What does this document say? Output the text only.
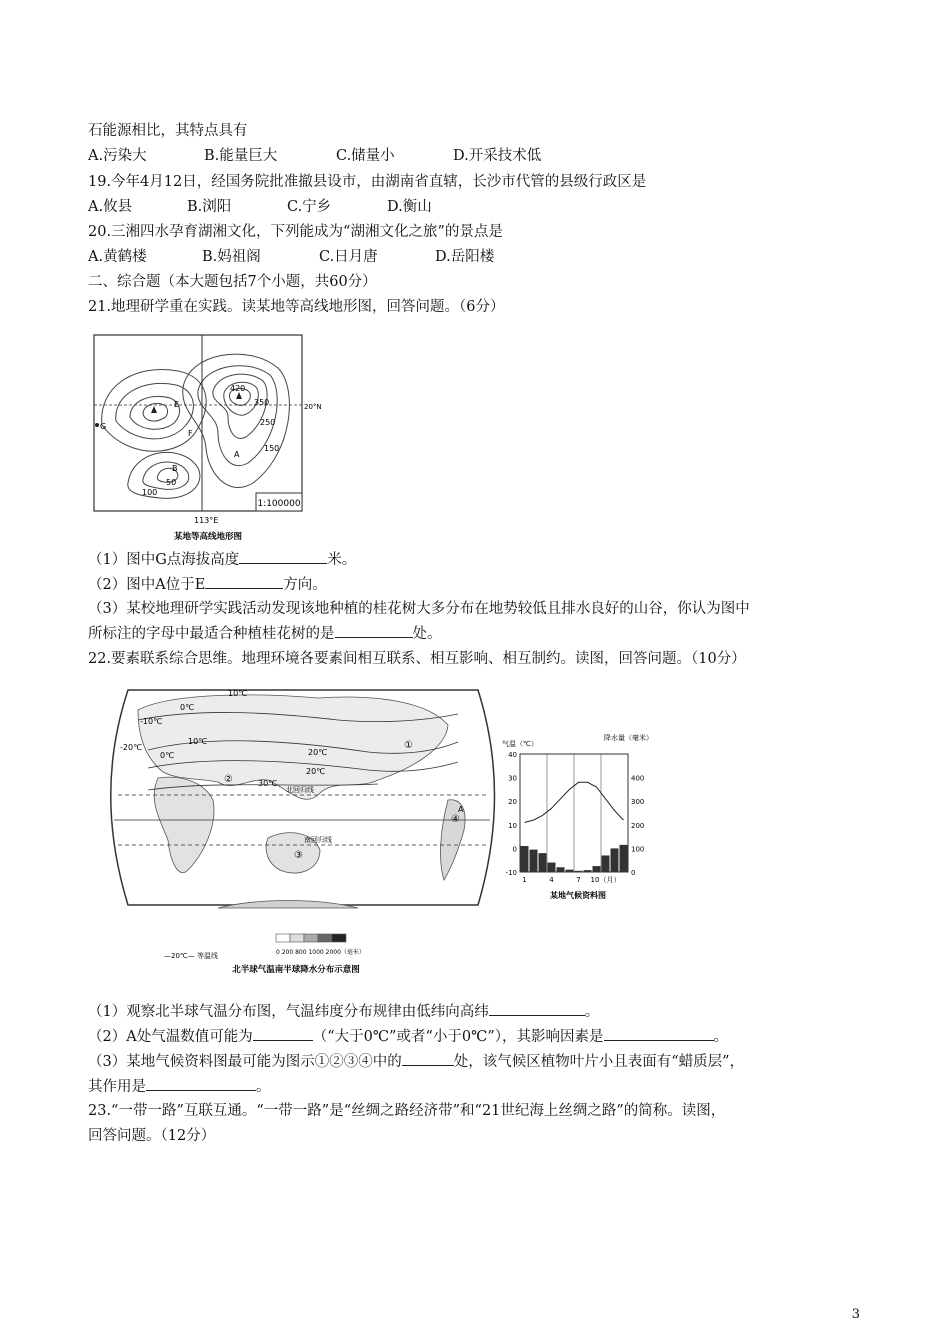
石能源相比，其特点具有
A.污染大	B.能量巨大	C.储量小	D.开采技术低
19.今年4月12日，经国务院批准撤县设市，由湖南省直辖，长沙市代管的县级行政区是
A.攸县	B.浏阳	C.宁乡	D.衡山
20.三湘四水孕育湖湘文化，下列能成为“湖湘文化之旅”的景点是
A.黄鹤楼	B.妈祖阁	C.日月唐	D.岳阳楼
二、综合题（本大题包括7个小题，共60分）
21.地理研学重在实践。读某地等高线地形图，回答问题。（6分）
1:100000
420
350
250
150
100
50
G
E
F
A
B
20°N
113°E
某地等高线地形图
（1）图中G点海拔高度	米。
（2）图中A位于E	方向。
（3）某校地理研学实践活动发现该地种植的桂花树大多分布在地势较低且排水良好的山谷，你认为图中
所标注的字母中最适合种植桂花树的是	处。
22.要素联系综合思维。地理环境各要素间相互联系、相互影响、相互制约。读图，回答问题。（10分）
北回归线
南回归线
10℃
0℃
-10℃
-20℃
10℃
20℃
0℃
20℃
30℃
①
②
③
④
A
—20℃— 等温线	0 200 800 1000 2000（毫米）
北半球气温南半球降水分布示意图
气温（℃）
降水量（毫米）
40
30
20
10
0
-10
400
300
200
100
0
1	4	7 10（月）
某地气候资料图
（1）观察北半球气温分布图，气温纬度分布规律由低纬向高纬	。
（2）A处气温数值可能为	（“大于0℃”或者“小于0℃”），其影响因素是	。
（3）某地气候资料图最可能为图示①②③④中的	处，该气候区植物叶片小且表面有“蜡质层”，
其作用是	。
23.“一带一路”互联互通。“一带一路”是“丝绸之路经济带”和“21世纪海上丝绸之路”的简称。读图，
回答问题。（12分）
3
